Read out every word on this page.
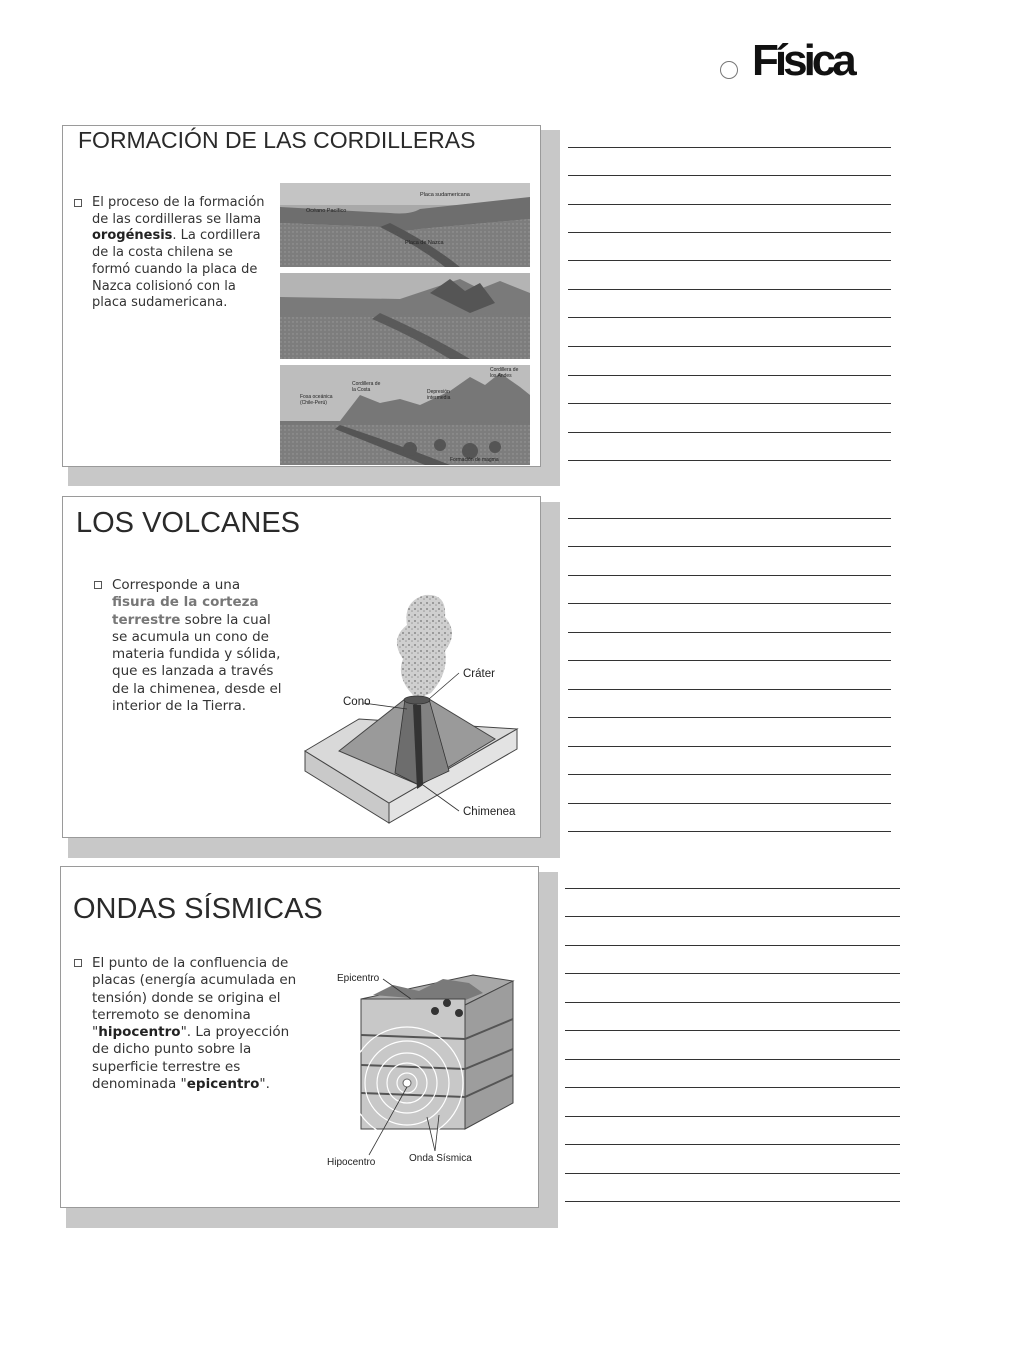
Física
FORMACIÓN DE LAS CORDILLERAS
El proceso de la formación de las cordilleras se llama orogénesis. La cordillera de la costa chilena se formó cuando la placa de Nazca colisionó con la placa sudamericana.
Placa sudamericana
Océano Pacífico
Placa de Nazca
Cordillera de
los Andes
Cordillera de
la Costa
Fosa oceánica
(Chile-Perú)
Depresión
intermedia
Formación de magma
LOS VOLCANES
Corresponde a una fisura de la corteza terrestre sobre la cual se acumula un cono de materia fundida y sólida, que es lanzada a través de la chimenea, desde el interior de la Tierra.
Cráter
Cono
Chimenea
ONDAS SÍSMICAS
El punto de la confluencia de placas (energía acumulada en tensión) donde se origina el terremoto se denomina "hipocentro". La proyección de dicho punto sobre la superficie terrestre es denominada "epicentro".
Epicentro
Hipocentro	Onda Sísmica
